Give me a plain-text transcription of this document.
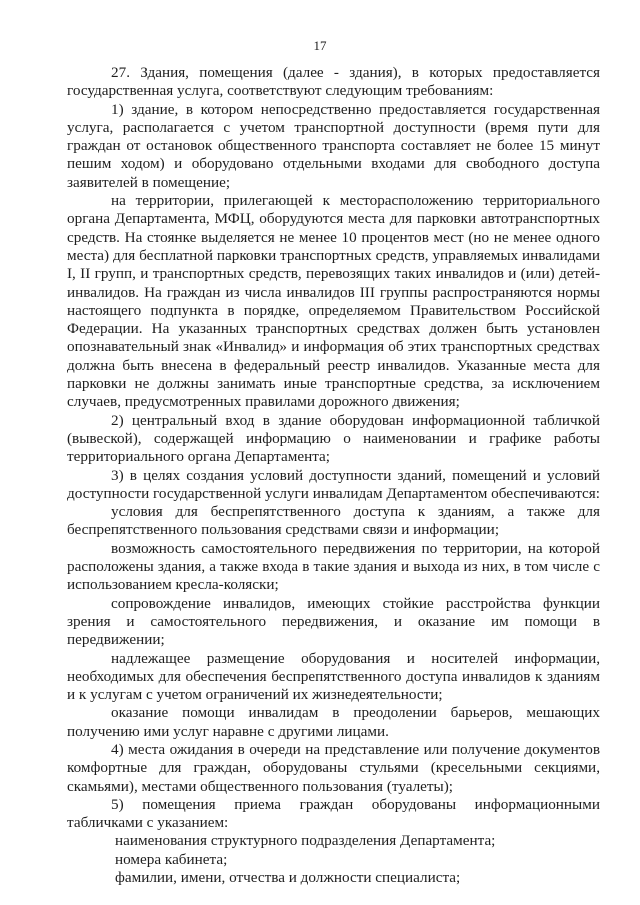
17

27. Здания, помещения (далее - здания), в которых предоставляется государственная услуга, соответствуют следующим требованиям:

1) здание, в котором непосредственно предоставляется государственная услуга, располагается с учетом транспортной доступности (время пути для граждан от остановок общественного транспорта составляет не более 15 минут пешим ходом) и оборудовано отдельными входами для свободного доступа заявителей в помещение;

на территории, прилегающей к месторасположению территориального органа Департамента, МФЦ, оборудуются места для парковки автотранспортных средств. На стоянке выделяется не менее 10 процентов мест (но не менее одного места) для бесплатной парковки транспортных средств, управляемых инвалидами I, II групп, и транспортных средств, перевозящих таких инвалидов и (или) детей-инвалидов. На граждан из числа инвалидов III группы распространяются нормы настоящего подпункта в порядке, определяемом Правительством Российской Федерации. На указанных транспортных средствах должен быть установлен опознавательный знак «Инвалид» и информация об этих транспортных средствах должна быть внесена в федеральный реестр инвалидов. Указанные места для парковки не должны занимать иные транспортные средства, за исключением случаев, предусмотренных правилами дорожного движения;

2) центральный вход в здание оборудован информационной табличкой (вывеской), содержащей информацию о наименовании и графике работы территориального органа Департамента;

3) в целях создания условий доступности зданий, помещений и условий доступности государственной услуги инвалидам Департаментом обеспечиваются:

условия для беспрепятственного доступа к зданиям, а также для беспрепятственного пользования средствами связи и информации;

возможность самостоятельного передвижения по территории, на которой расположены здания, а также входа в такие здания и выхода из них, в том числе с использованием кресла-коляски;

сопровождение инвалидов, имеющих стойкие расстройства функции зрения и самостоятельного передвижения, и оказание им помощи в передвижении;

надлежащее размещение оборудования и носителей информации, необходимых для обеспечения беспрепятственного доступа инвалидов к зданиям и к услугам с учетом ограничений их жизнедеятельности;

оказание помощи инвалидам в преодолении барьеров, мешающих получению ими услуг наравне с другими лицами.

4) места ожидания в очереди на представление или получение документов комфортные для граждан, оборудованы стульями (кресельными секциями, скамьями), местами общественного пользования (туалеты);

5) помещения приема граждан оборудованы информационными табличками с указанием:

наименования структурного подразделения Департамента;

номера кабинета;

фамилии, имени, отчества и должности специалиста;
